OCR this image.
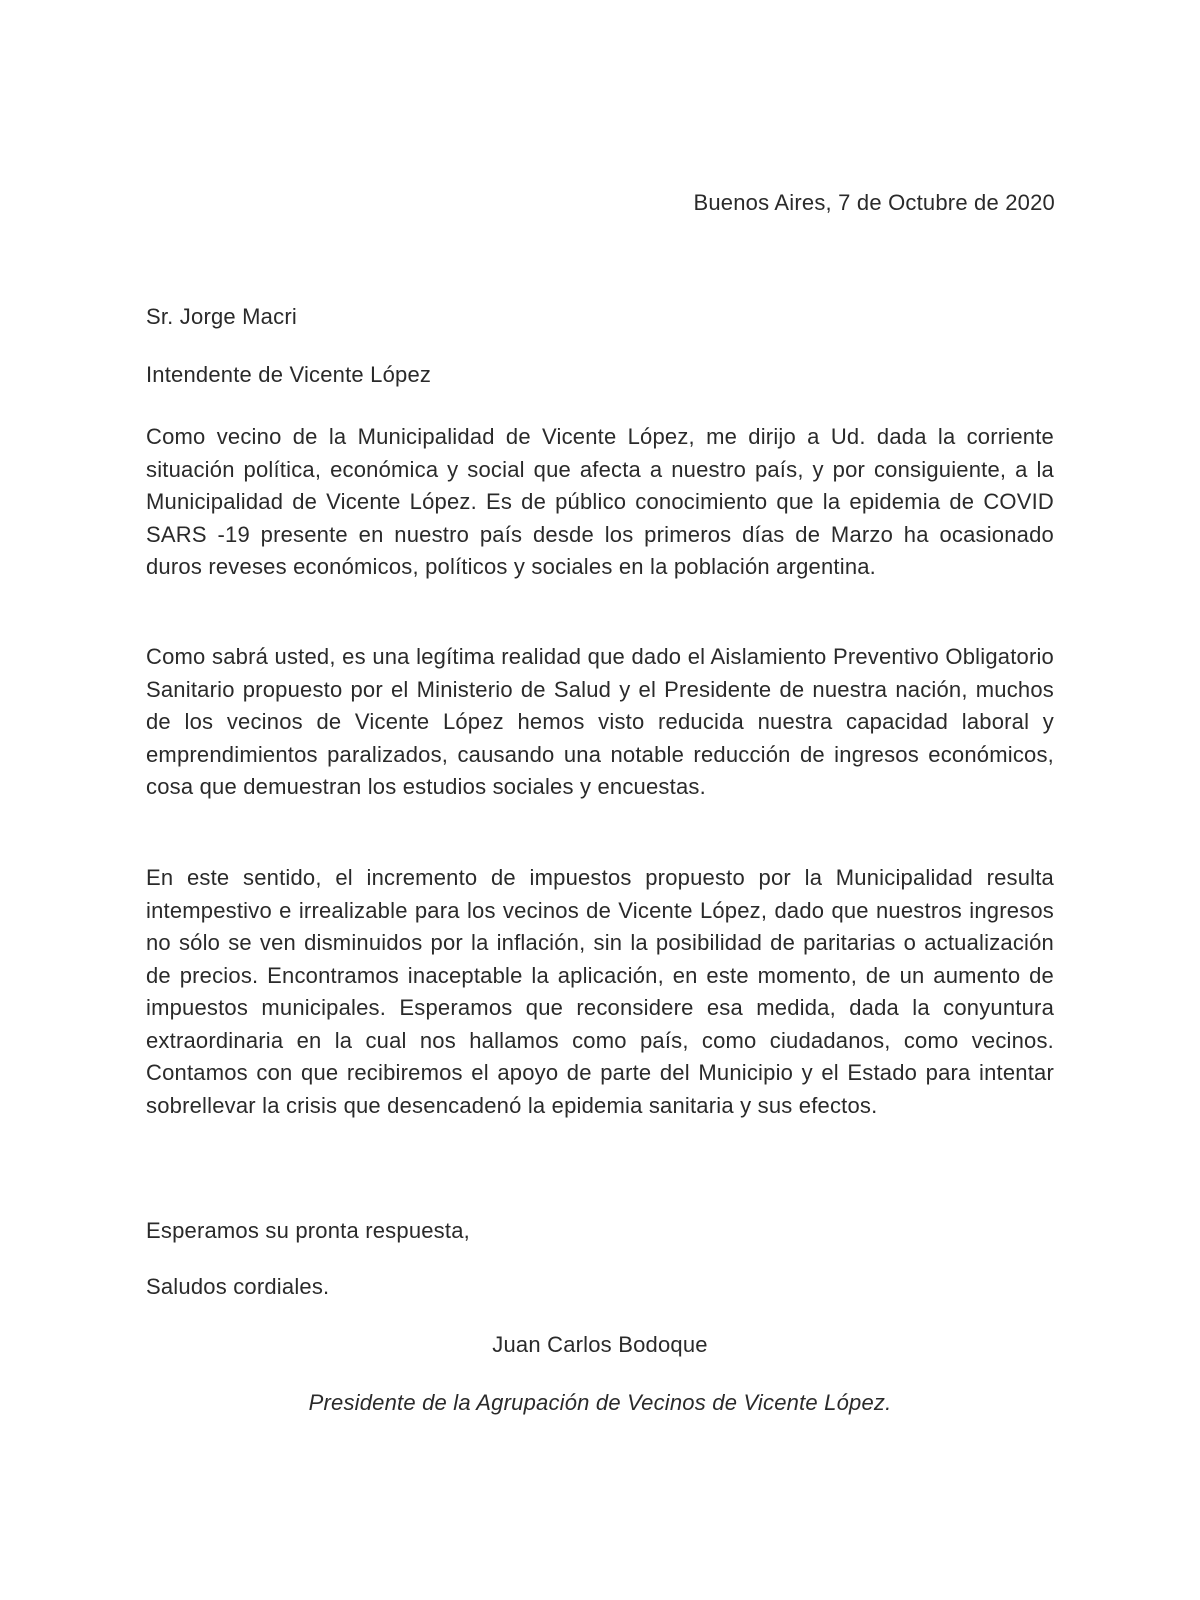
Buenos Aires, 7 de Octubre de 2020
Sr. Jorge Macri
Intendente de Vicente López

Como vecino de la Municipalidad de Vicente López, me dirijo a Ud. dada la corriente situación política, económica y social que afecta a nuestro país, y por consiguiente, a la Municipalidad de Vicente López. Es de público conocimiento que la epidemia de COVID SARS -19 presente en nuestro país desde los primeros días de Marzo ha ocasionado duros reveses económicos, políticos y sociales en la población argentina.

Como sabrá usted, es una legítima realidad que dado el Aislamiento Preventivo Obligatorio Sanitario propuesto por el Ministerio de Salud y el Presidente de nuestra nación, muchos de los vecinos de Vicente López hemos visto reducida nuestra capacidad laboral y emprendimientos paralizados, causando una notable reducción de ingresos económicos, cosa que demuestran los estudios sociales y encuestas.

En este sentido, el incremento de impuestos propuesto por la Municipalidad resulta intempestivo e irrealizable para los vecinos de Vicente López, dado que nuestros ingresos no sólo se ven disminuidos por la inflación, sin la posibilidad de paritarias o actualización de precios. Encontramos inaceptable la aplicación, en este momento, de un aumento de impuestos municipales. Esperamos que reconsidere esa medida, dada la conyuntura extraordinaria en la cual nos hallamos como país, como ciudadanos, como vecinos. Contamos con que recibiremos el apoyo de parte del Municipio y el Estado para intentar sobrellevar la crisis que desencadenó la epidemia sanitaria y sus efectos.

Esperamos su pronta respuesta,
Saludos cordiales.
Juan Carlos Bodoque
Presidente de la Agrupación de Vecinos de Vicente López.
